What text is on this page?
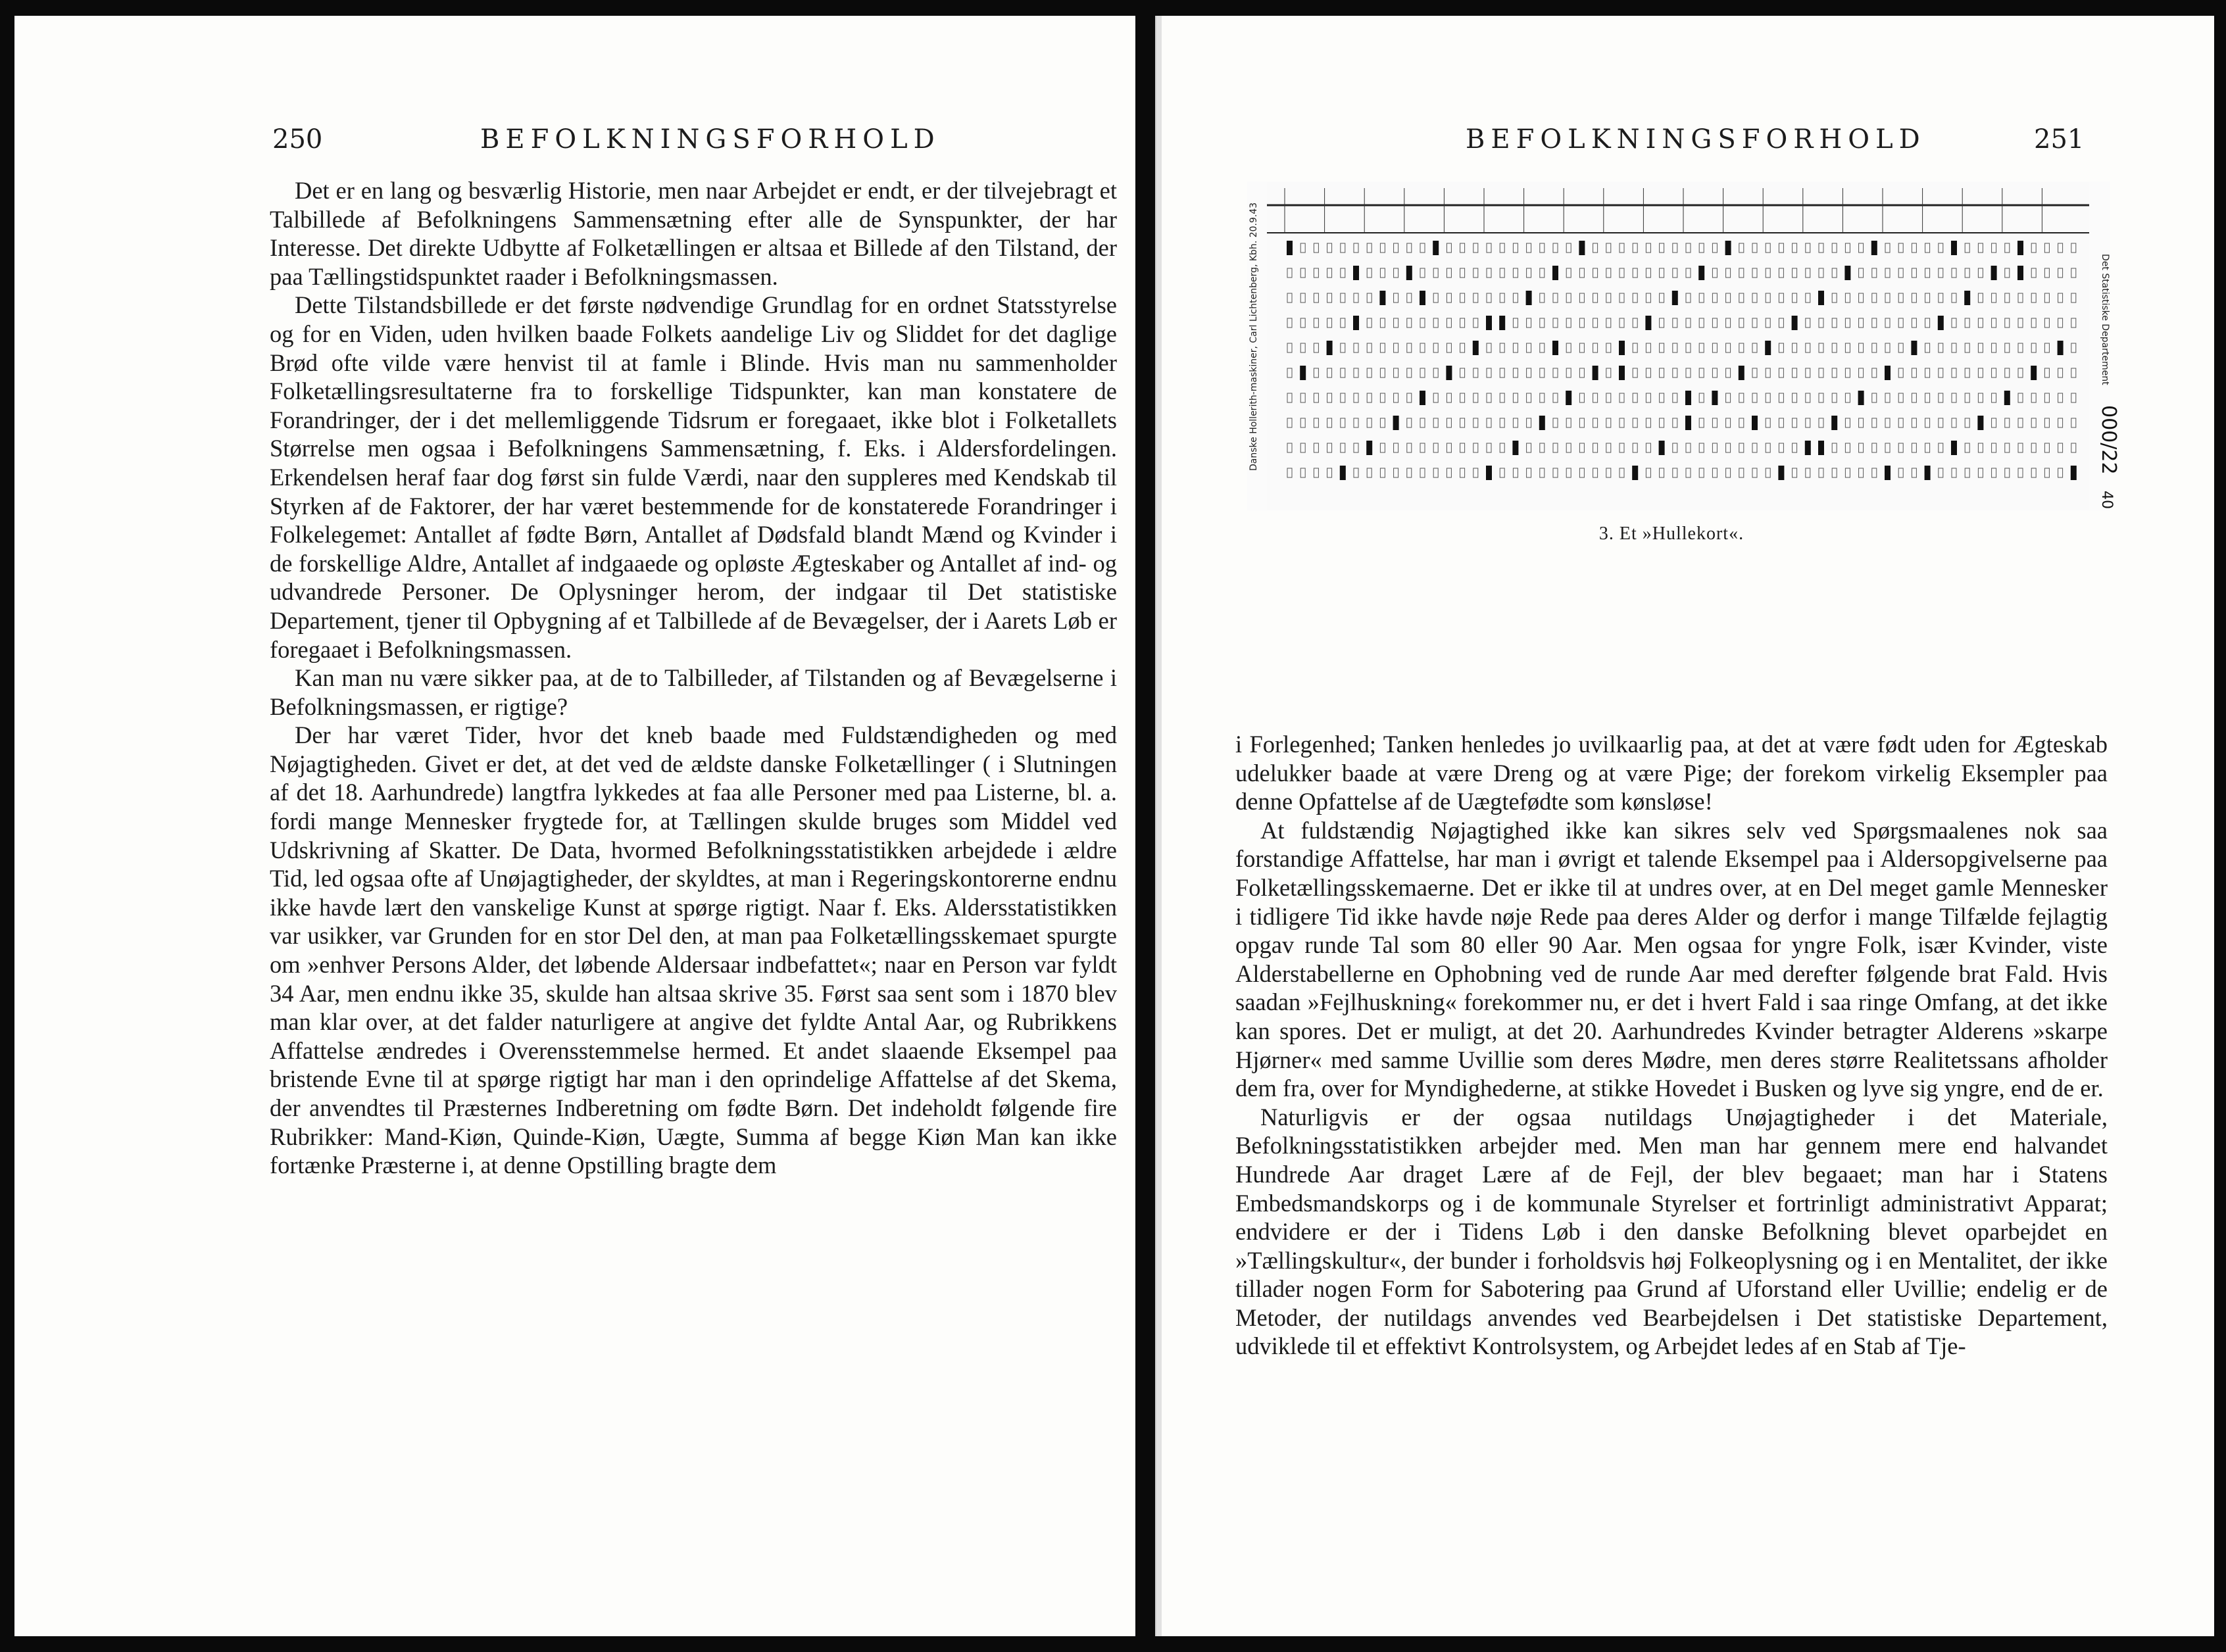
250	BEFOLKNINGSFORHOLD

Det er en lang og besværlig Historie, men naar Arbejdet er endt, er der tilvejebragt et Talbillede af Befolkningens Sammensætning efter alle de Synspunkter, der har Interesse. Det direkte Udbytte af Folketællingen er altsaa et Billede af den Tilstand, der paa Tællingstidspunktet raader i Befolkningsmassen.

Dette Tilstandsbillede er det første nødvendige Grundlag for en ordnet Statsstyrelse og for en Viden, uden hvilken baade Folkets aandelige Liv og Sliddet for det daglige Brød ofte vilde være henvist til at famle i Blinde. Hvis man nu sammenholder Folketællingsresultaterne fra to forskellige Tidspunkter, kan man konstatere de Forandringer, der i det mellemliggende Tidsrum er foregaaet, ikke blot i Folketallets Størrelse men ogsaa i Befolkningens Sammensætning, f. Eks. i Aldersfordelingen. Erkendelsen heraf faar dog først sin fulde Værdi, naar den suppleres med Kendskab til Styrken af de Faktorer, der har været bestemmende for de konstaterede Forandringer i Folkelegemet: Antallet af fødte Børn, Antallet af Dødsfald blandt Mænd og Kvinder i de forskellige Aldre, Antallet af indgaaede og opløste Ægteskaber og Antallet af ind- og udvandrede Personer. De Oplysninger herom, der indgaar til Det statistiske Departement, tjener til Opbygning af et Talbillede af de Bevægelser, der i Aarets Løb er foregaaet i Befolkningsmassen.

Kan man nu være sikker paa, at de to Talbilleder, af Tilstanden og af Bevægelserne i Befolkningsmassen, er rigtige?

Der har været Tider, hvor det kneb baade med Fuldstændigheden og med Nøjagtigheden. Givet er det, at det ved de ældste danske Folketællinger ( i Slutningen af det 18. Aarhundrede) langtfra lykkedes at faa alle Personer med paa Listerne, bl. a. fordi mange Mennesker frygtede for, at Tællingen skulde bruges som Middel ved Udskrivning af Skatter. De Data, hvormed Befolkningsstatistikken arbejdede i ældre Tid, led ogsaa ofte af Unøjagtigheder, der skyldtes, at man i Regeringskontorerne endnu ikke havde lært den vanskelige Kunst at spørge rigtigt. Naar f. Eks. Aldersstatistikken var usikker, var Grunden for en stor Del den, at man paa Folketællingsskemaet spurgte om »enhver Persons Alder, det løbende Aldersaar indbefattet«; naar en Person var fyldt 34 Aar, men endnu ikke 35, skulde han altsaa skrive 35. Først saa sent som i 1870 blev man klar over, at det falder naturligere at angive det fyldte Antal Aar, og Rubrikkens Affattelse ændredes i Overensstemmelse hermed. Et andet slaaende Eksempel paa bristende Evne til at spørge rigtigt har man i den oprindelige Affattelse af det Skema, der anvendtes til Præsternes Indberetning om fødte Børn. Det indeholdt følgende fire Rubrikker: Mand-Kiøn, Quinde-Kiøn, Uægte, Summa af begge Kiøn Man kan ikke fortænke Præsterne i, at denne Opstilling bragte dem

BEFOLKNINGSFORHOLD	251
Danske Hollerith-maskiner, Carl Lichtenberg, Kbh. 20.9.43	Det Statistiske Departement
000/22
40
3. Et »Hullekort«.

i Forlegenhed; Tanken henledes jo uvilkaarlig paa, at det at være født uden for Ægteskab udelukker baade at være Dreng og at være Pige; der forekom virkelig Eksempler paa denne Opfattelse af de Uægtefødte som kønsløse!

At fuldstændig Nøjagtighed ikke kan sikres selv ved Spørgsmaalenes nok saa forstandige Affattelse, har man i øvrigt et talende Eksempel paa i Aldersopgivelserne paa Folketællingsskemaerne. Det er ikke til at undres over, at en Del meget gamle Mennesker i tidligere Tid ikke havde nøje Rede paa deres Alder og derfor i mange Tilfælde fejlagtig opgav runde Tal som 80 eller 90 Aar. Men ogsaa for yngre Folk, især Kvinder, viste Alderstabellerne en Ophobning ved de runde Aar med derefter følgende brat Fald. Hvis saadan »Fejlhuskning« forekommer nu, er det i hvert Fald i saa ringe Omfang, at det ikke kan spores. Det er muligt, at det 20. Aarhundredes Kvinder betragter Alderens »skarpe Hjørner« med samme Uvillie som deres Mødre, men deres større Realitetssans afholder dem fra, over for Myndighederne, at stikke Hovedet i Busken og lyve sig yngre, end de er.

Naturligvis er der ogsaa nutildags Unøjagtigheder i det Materiale, Befolkningsstatistikken arbejder med. Men man har gennem mere end halvandet Hundrede Aar draget Lære af de Fejl, der blev begaaet; man har i Statens Embedsmandskorps og i de kommunale Styrelser et fortrinligt administrativt Apparat; endvidere er der i Tidens Løb i den danske Befolkning blevet oparbejdet en »Tællingskultur«, der bunder i forholdsvis høj Folkeoplysning og i en Mentalitet, der ikke tillader nogen Form for Sabotering paa Grund af Uforstand eller Uvillie; endelig er de Metoder, der nutildags anvendes ved Bearbejdelsen i Det statistiske Departement, udviklede til et effektivt Kontrolsystem, og Arbejdet ledes af en Stab af Tje-
